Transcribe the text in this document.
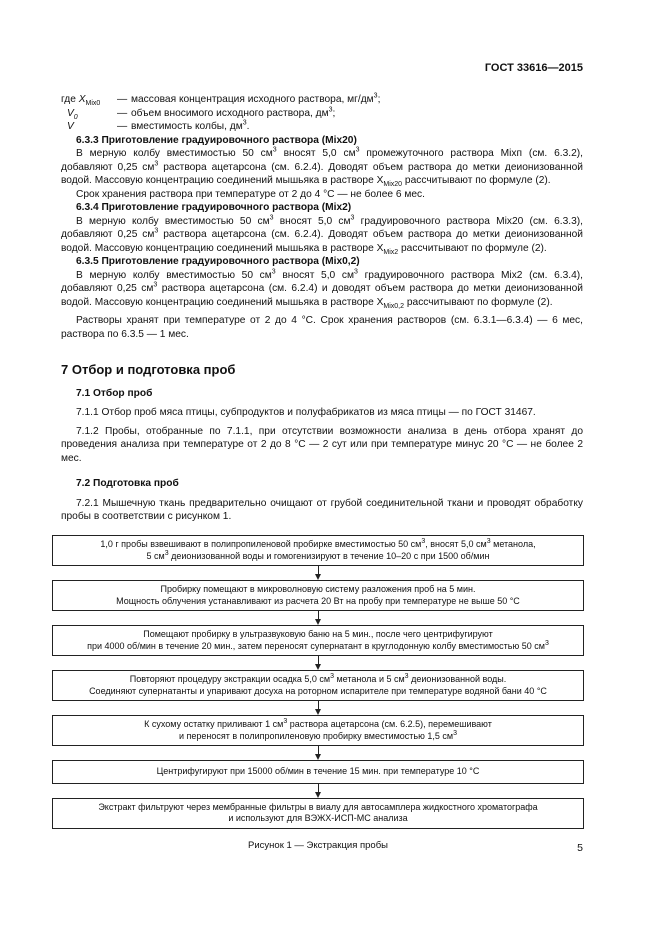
ГОСТ 33616—2015
где $X_{Mix0}$	— массовая концентрация исходного раствора, $мг/дм^3$;
$V_0$	— объем вносимого исходного раствора, $дм^3$;
V	— вместимость колбы, $дм^3$.

6.3.3 Приготовление градуировочного раствора (Mix20)

В мерную колбу вместимостью 50 $см^3$ вносят 5,0 $см^3$ промежуточного раствора Mixп (см. 6.3.2), добавляют 0,25 $см^3$ раствора ацетарсона (см. 6.2.4). Доводят объем раствора до метки деионизованной водой. Массовую концентрацию соединений мышьяка в растворе $X_{Mix20}$ рассчитывают по формуле (2).

Срок хранения раствора при температуре от 2 до 4 °С — не более 6 мес.

6.3.4 Приготовление градуировочного раствора (Mix2)

В мерную колбу вместимостью 50 $см^3$ вносят 5,0 $см^3$ градуировочного раствора Mix20 (см. 6.3.3), добавляют 0,25 $см^3$ раствора ацетарсона (см. 6.2.4). Доводят объем раствора до метки деионизованной водой. Массовую концентрацию соединений мышьяка в растворе $X_{Mix2}$ рассчитывают по формуле (2).

6.3.5 Приготовление градуировочного раствора (Mix0,2)

В мерную колбу вместимостью 50 $см^3$ вносят 5,0 $см^3$ градуировочного раствора Mix2 (см. 6.3.4), добавляют 0,25 $см^3$ раствора ацетарсона (см. 6.2.4) и доводят объем раствора до метки деионизованной водой. Массовую концентрацию соединений мышьяка в растворе $X_{Mix0,2}$ рассчитывают по формуле (2).

Растворы хранят при температуре от 2 до 4 °С. Срок хранения растворов (см. 6.3.1—6.3.4) — 6 мес, раствора по 6.3.5 — 1 мес.

7 Отбор и подготовка проб
7.1 Отбор проб

7.1.1 Отбор проб мяса птицы, субпродуктов и полуфабрикатов из мяса птицы — по ГОСТ 31467.

7.1.2 Пробы, отобранные по 7.1.1, при отсутствии возможности анализа в день отбора хранят до проведения анализа при температуре от 2 до 8 °С — 2 сут или при температуре минус 20 °С — не более 2 мес.

7.2 Подготовка проб

7.2.1 Мышечную ткань предварительно очищают от грубой соединительной ткани и проводят обработку пробы в соответствии с рисунком 1.

1,0 г пробы взвешивают в полипропиленовой пробирке вместимостью 50 $см^3$, вносят 5,0 $см^3$ метанола,
5 $см^3$ деионизованной воды и гомогенизируют в течение 10–20 с при 1500 об/мин
Пробирку помещают в микроволновую систему разложения проб на 5 мин.
Мощность облучения устанавливают из расчета 20 Вт на пробу при температуре не выше 50 °С
Помещают пробирку в ультразвуковую баню на 5 мин., после чего центрифугируют
при 4000 об/мин в течение 20 мин., затем переносят супернатант в круглодонную колбу вместимостью 50 $см^3$
Повторяют процедуру экстракции осадка 5,0 $см^3$ метанола и 5 $см^3$ деионизованной воды.
Соединяют супернатанты и упаривают досуха на роторном испарителе при температуре водяной бани 40 °С
К сухому остатку приливают 1 $см^3$ раствора ацетарсона (см. 6.2.5), перемешивают
и переносят в полипропиленовую пробирку вместимостью 1,5 $см^3$
Центрифугируют при 15000 об/мин в течение 15 мин. при температуре 10 °С
Экстракт фильтруют через мембранные фильтры в виалу для автосамплера жидкостного хроматографа
и используют для ВЭЖХ-ИСП-МС анализа
Рисунок 1 — Экстракция пробы	5
